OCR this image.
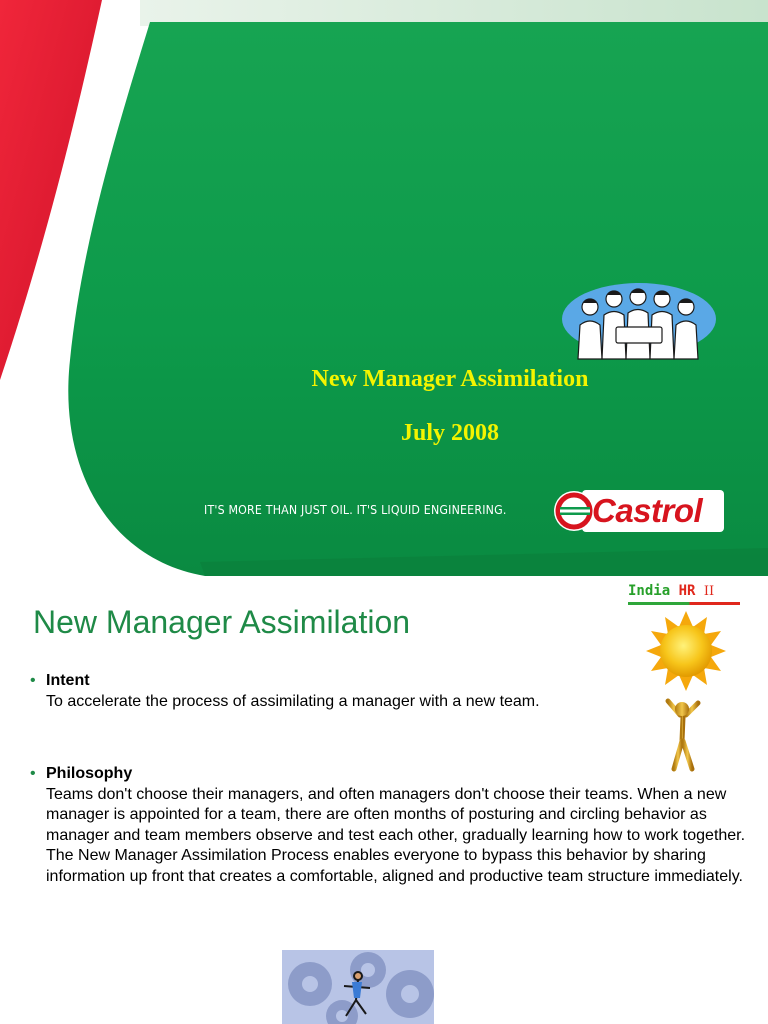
New Manager Assimilation
July 2008
IT'S MORE THAN JUST OIL. IT'S LIQUID ENGINEERING.	Castrol
India HR II
New Manager Assimilation
• Intent
To accelerate the process of assimilating a manager with a new team.
• Philosophy
Teams don't choose their managers, and often managers don't choose their teams. When a new manager is appointed for a team, there are often months of posturing and circling behavior as manager and team members observe and test each other, gradually learning how to work together. The New Manager Assimilation Process enables everyone to bypass this behavior by sharing information up front that creates a comfortable, aligned and productive team structure immediately.
